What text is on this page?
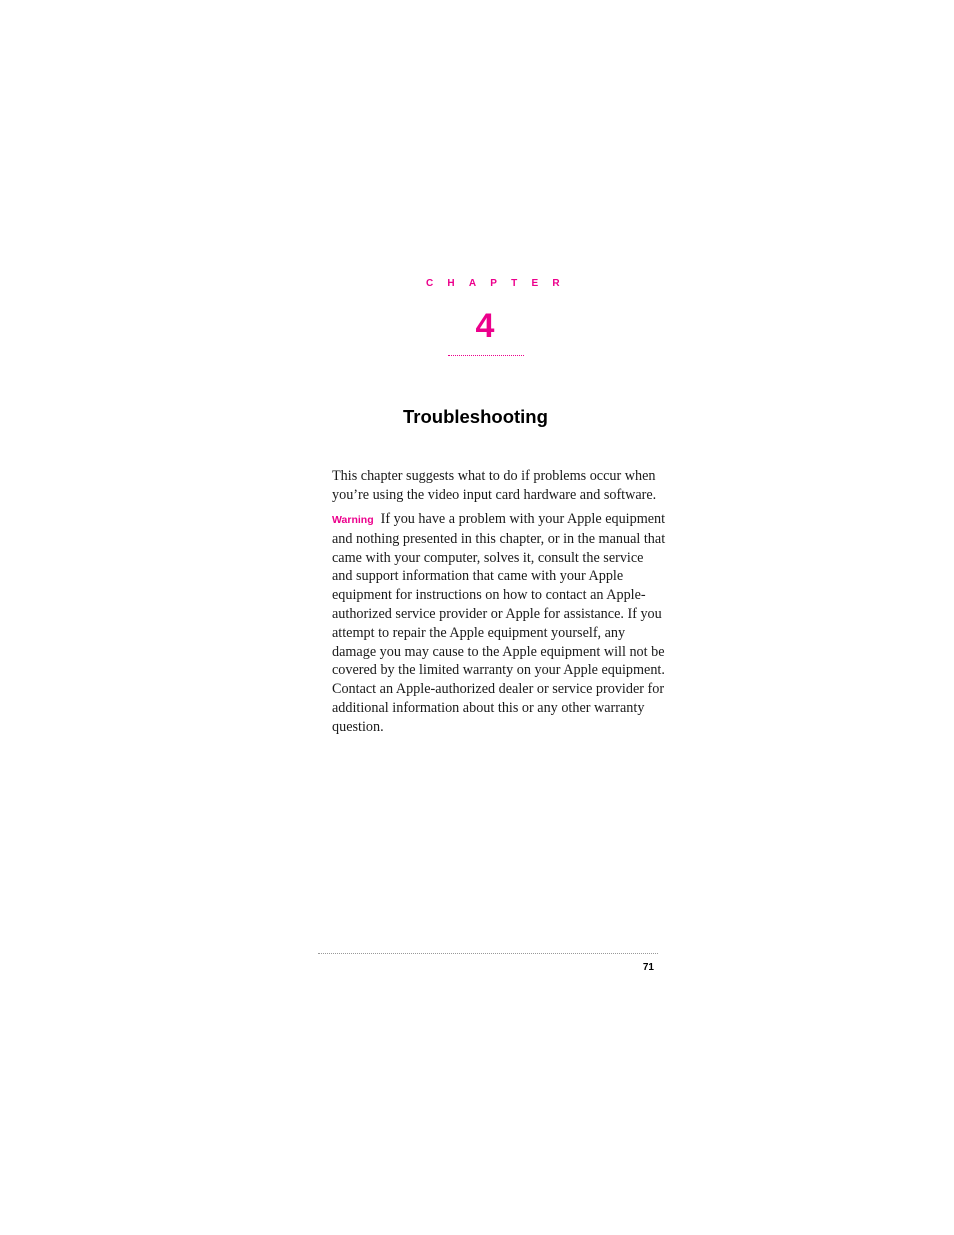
CHAPTER
4
Troubleshooting

This chapter suggests what to do if problems occur when you’re using the video input card hardware and software.

Warning If you have a problem with your Apple equipment and nothing presented in this chapter, or in the manual that came with your computer, solves it, consult the service and support information that came with your Apple equipment for instructions on how to contact an Apple-authorized service provider or Apple for assistance. If you attempt to repair the Apple equipment yourself, any damage you may cause to the Apple equipment will not be covered by the limited warranty on your Apple equipment. Contact an Apple-authorized dealer or service provider for additional information about this or any other warranty question.

71
